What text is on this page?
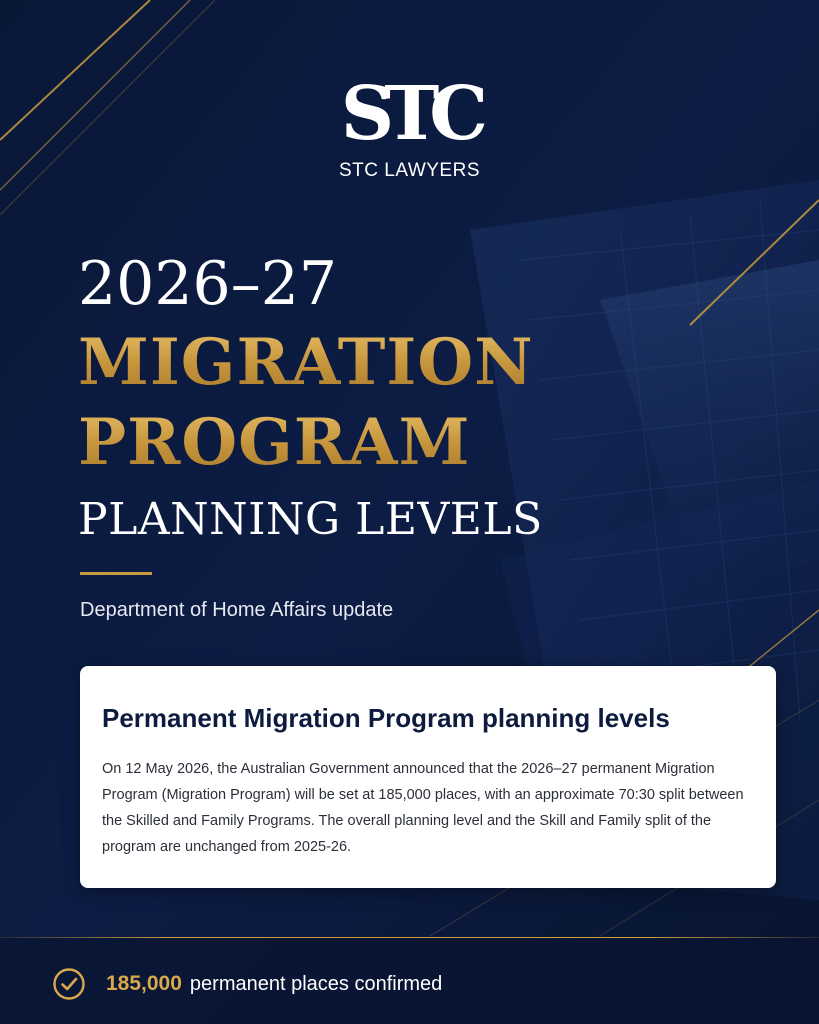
STC
STC LAWYERS
2026–27
MIGRATION
PROGRAM
PLANNING LEVELS
Department of Home Affairs update
Permanent Migration Program planning levels

On 12 May 2026, the Australian Government announced that the 2026–27 permanent Migration Program (Migration Program) will be set at 185,000 places, with an approximate 70:30 split between the Skilled and Family Programs. The overall planning level and the Skill and Family split of the program are unchanged from 2025-26.

185,000 permanent places confirmed
